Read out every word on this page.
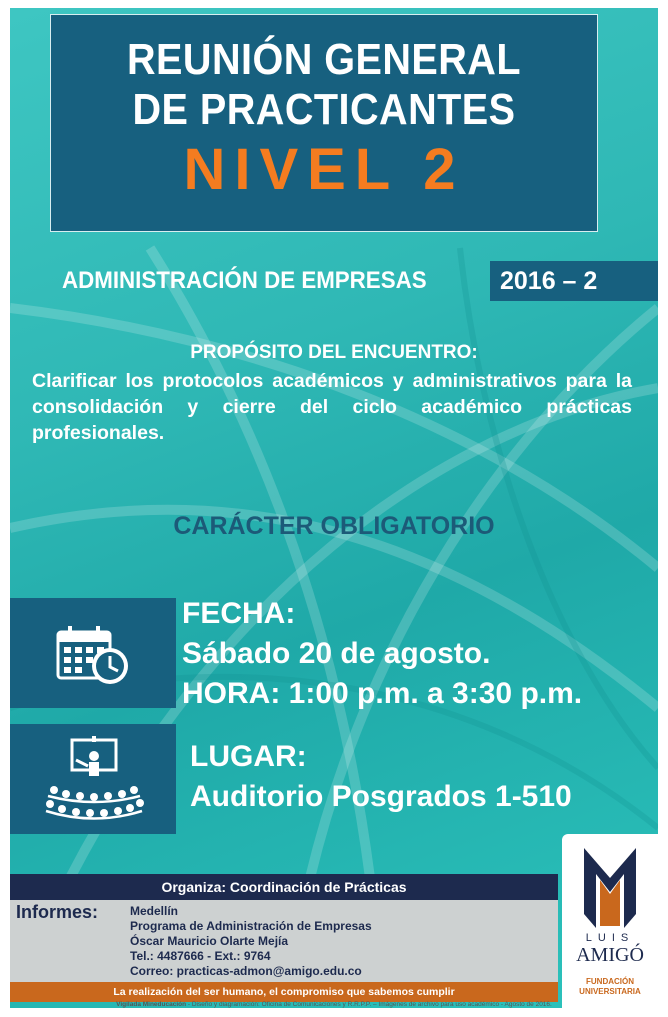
REUNIÓN GENERAL
DE PRACTICANTES
NIVEL 2
ADMINISTRACIÓN DE EMPRESAS	2016 – 2
PROPÓSITO DEL ENCUENTRO:
Clarificar los protocolos académicos y administrativos para la consolidación y cierre del ciclo académico prácticas profesionales.
CARÁCTER OBLIGATORIO
FECHA:
Sábado 20 de agosto.
HORA: 1:00 p.m. a 3:30 p.m.
LUGAR:
Auditorio Posgrados 1-510
Organiza: Coordinación de Prácticas
Informes:	Medellín
Programa de Administración de Empresas
Óscar Mauricio Olarte Mejía
Tel.: 4487666 - Ext.: 9764
Correo: practicas-admon@amigo.edu.co
La realización del ser humano, el compromiso que sabemos cumplir
LUIS
AMIGÓ
FUNDACIÓN
UNIVERSITARIA
Vigilada Mineducación - Diseño y diagramación: Oficina de Comunicaciones y R.R.P.P. – Imágenes de archivo para uso académico - Agosto de 2016.
